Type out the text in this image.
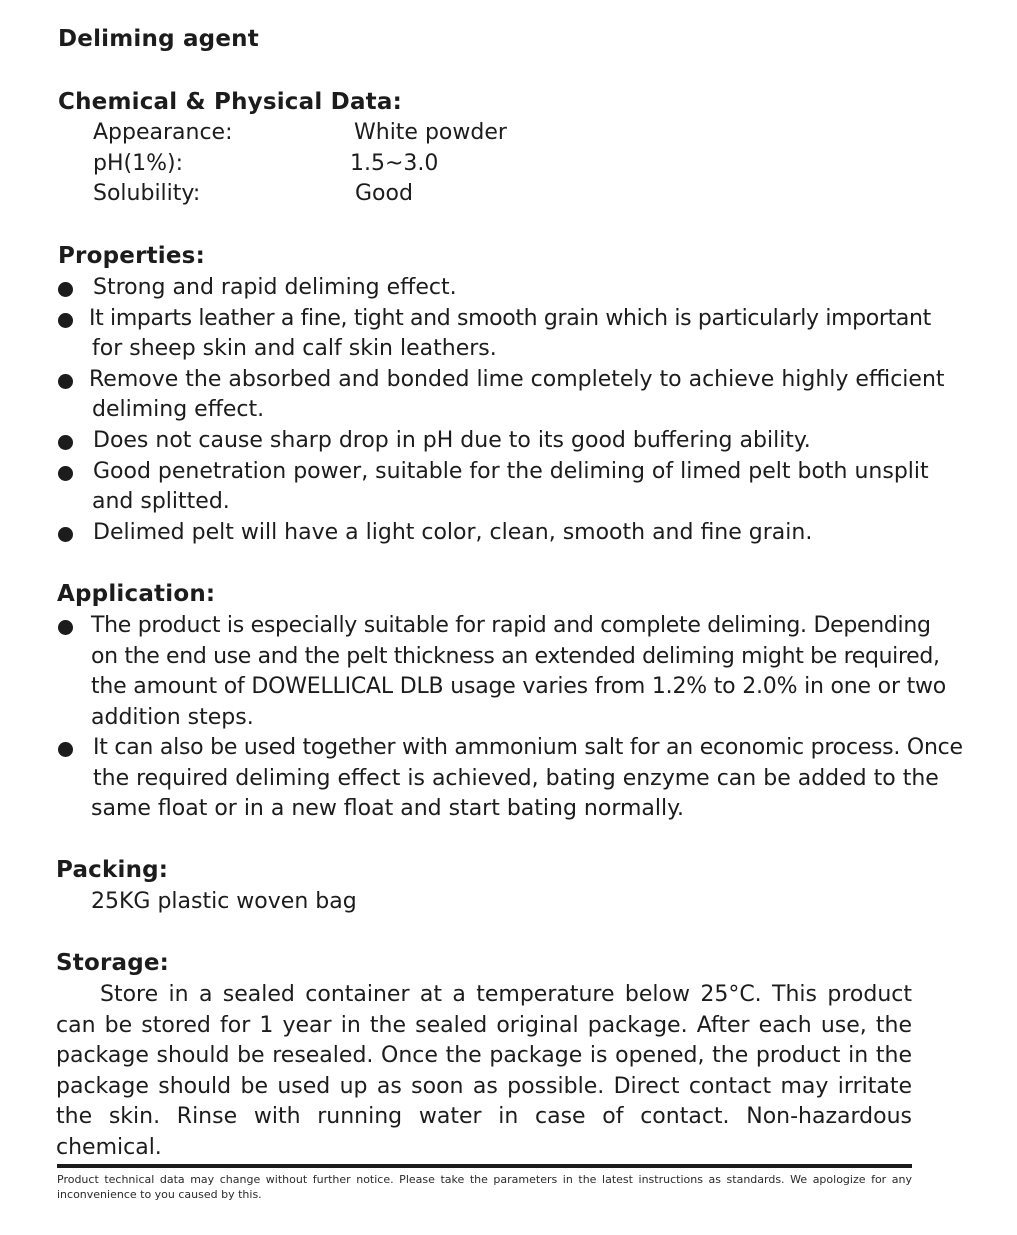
Deliming agent
Chemical & Physical Data:
Appearance:	White powder
pH(1%):	1.5~3.0
Solubility:	Good
Properties:
Strong and rapid deliming effect.
It imparts leather a fine, tight and smooth grain which is particularly important
for sheep skin and calf skin leathers.
Remove the absorbed and bonded lime completely to achieve highly efficient
deliming effect.
Does not cause sharp drop in pH due to its good buffering ability.
Good penetration power, suitable for the deliming of limed pelt both unsplit
and splitted.
Delimed pelt will have a light color, clean, smooth and fine grain.
Application:
The product is especially suitable for rapid and complete deliming. Depending
on the end use and the pelt thickness an extended deliming might be required,
the amount of DOWELLICAL DLB usage varies from 1.2% to 2.0% in one or two
addition steps.
It can also be used together with ammonium salt for an economic process. Once
the required deliming effect is achieved, bating enzyme can be added to the
same float or in a new float and start bating normally.
Packing:
25KG plastic woven bag
Storage:
Store in a sealed container at a temperature below 25°C. This product can be stored for 1 year in the sealed original package. After each use, the package should be resealed. Once the package is opened, the product in the package should be used up as soon as possible. Direct contact may irritate the skin. Rinse with running water in case of contact. Non-hazardous chemical.
Product technical data may change without further notice. Please take the parameters in the latest instructions as standards. We apologize for any inconvenience to you caused by this.
